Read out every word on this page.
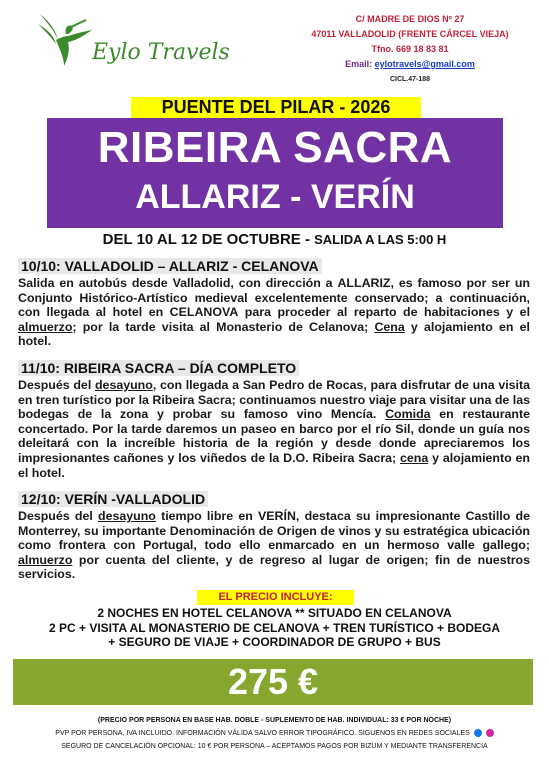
Eylo Travels
C/ MADRE DE DIOS Nº 27
47011 VALLADOLID (FRENTE CÁRCEL VIEJA)
Tfno. 669 18 83 81
Email: eylotravels@gmail.com
CICL.47-188
PUENTE DEL PILAR - 2026
RIBEIRA SACRA
ALLARIZ - VERÍN
DEL 10 AL 12 DE OCTUBRE - SALIDA A LAS 5:00 H
10/10: VALLADOLID – ALLARIZ - CELANOVA
Salida en autobús desde Valladolid, con dirección a ALLARIZ, es famoso por ser un Conjunto Histórico-Artístico medieval excelentemente conservado; a continuación, con llegada al hotel en CELANOVA para proceder al reparto de habitaciones y el almuerzo; por la tarde visita al Monasterio de Celanova; Cena y alojamiento en el hotel.
11/10: RIBEIRA SACRA – DÍA COMPLETO
Después del desayuno, con llegada a San Pedro de Rocas, para disfrutar de una visita en tren turístico por la Ribeira Sacra; continuamos nuestro viaje para visitar una de las bodegas de la zona y probar su famoso vino Mencía. Comida en restaurante concertado. Por la tarde daremos un paseo en barco por el río Sil, donde un guía nos deleitará con la increíble historia de la región y desde donde apreciaremos los impresionantes cañones y los viñedos de la D.O. Ribeira Sacra; cena y alojamiento en el hotel.
12/10: VERÍN -VALLADOLID
Después del desayuno tiempo libre en VERÍN, destaca su impresionante Castillo de Monterrey, su importante Denominación de Origen de vinos y su estratégica ubicación como frontera con Portugal, todo ello enmarcado en un hermoso valle gallego; almuerzo por cuenta del cliente, y de regreso al lugar de origen; fin de nuestros servicios.
EL PRECIO INCLUYE:
2 NOCHES EN HOTEL CELANOVA ** SITUADO EN CELANOVA
2 PC + VISITA AL MONASTERIO DE CELANOVA + TREN TURÍSTICO + BODEGA
+ SEGURO DE VIAJE + COORDINADOR DE GRUPO + BUS
275 €
(PRECIO POR PERSONA EN BASE HAB. DOBLE - SUPLEMENTO DE HAB. INDIVIDUAL: 33 € POR NOCHE)
PVP POR PERSONA, IVA INCLUIDO. INFORMACIÓN VÁLIDA SALVO ERROR TIPOGRÁFICO. SIGUENOS EN REDES SOCIALES
SEGURO DE CANCELACIÓN OPCIONAL: 10 € POR PERSONA – ACEPTAMOS PAGOS POR BIZUM Y MEDIANTE TRANSFERENCIA
